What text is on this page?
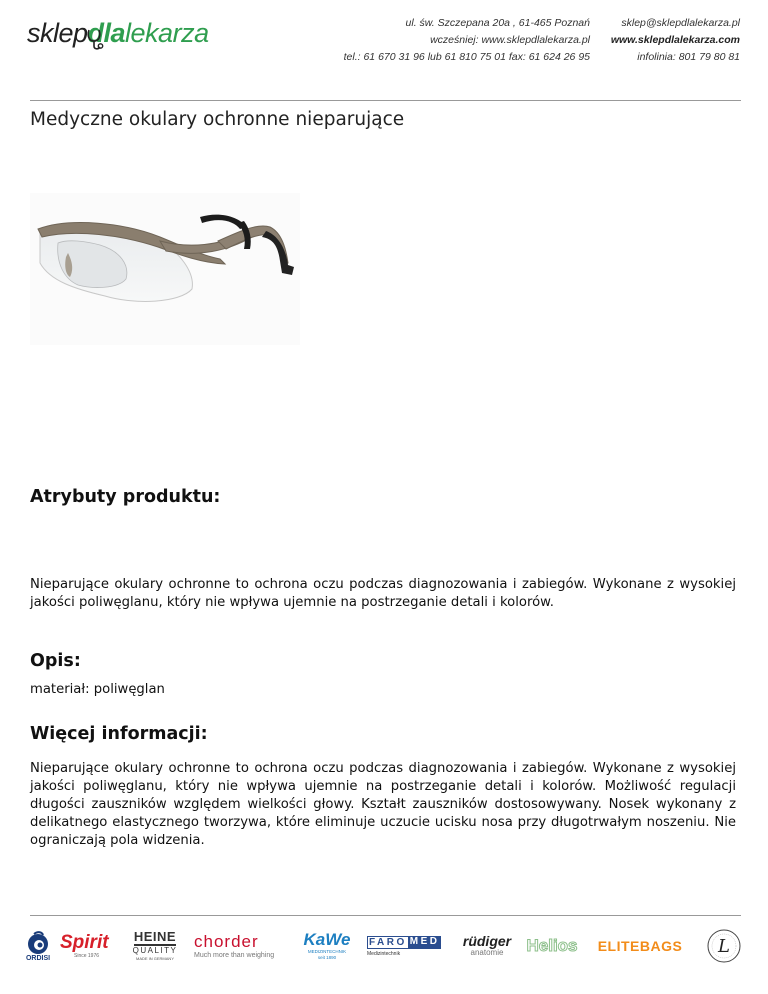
sklepdlalekarza	ul. św. Szczepana 20a , 61-465 Poznań
wcześniej: www.sklepdlalekarza.pl
tel.: 61 670 31 96 lub 61 810 75 01 fax: 61 624 26 95
sklep@sklepdlalekarza.pl
www.sklepdlalekarza.com
infolinia: 801 79 80 81
Medyczne okulary ochronne nieparujące
Atrybuty produktu:

Nieparujące okulary ochronne to ochrona oczu podczas diagnozowania i zabiegów. Wykonane z wysokiej jakości poliwęglanu, który nie wpływa ujemnie na postrzeganie detali i kolorów.

Opis:

materiał: poliwęglan

Więcej informacji:

Nieparujące okulary ochronne to ochrona oczu podczas diagnozowania i zabiegów. Wykonane z wysokiej jakości poliwęglanu, który nie wpływa ujemnie na postrzeganie detali i kolorów. Możliwość regulacji długości zauszników względem wielkości głowy. Kształt zauszników dostosowywany. Nosek wykonany z delikatnego elastycznego tworzywa, które eliminuje uczucie ucisku nosa przy długotrwałym noszeniu. Nie ograniczają pola widzenia.

ORDISI
Spirit
Since 1976
HEINE
QUALITY
MADE IN GERMANY
chorder
Much more than weighing
KaWe
MEDIZINTECHNIK
seit 1890
FARO MED
Medizintechnik
rüdiger
anatomie Helios ELITEBAGS L
